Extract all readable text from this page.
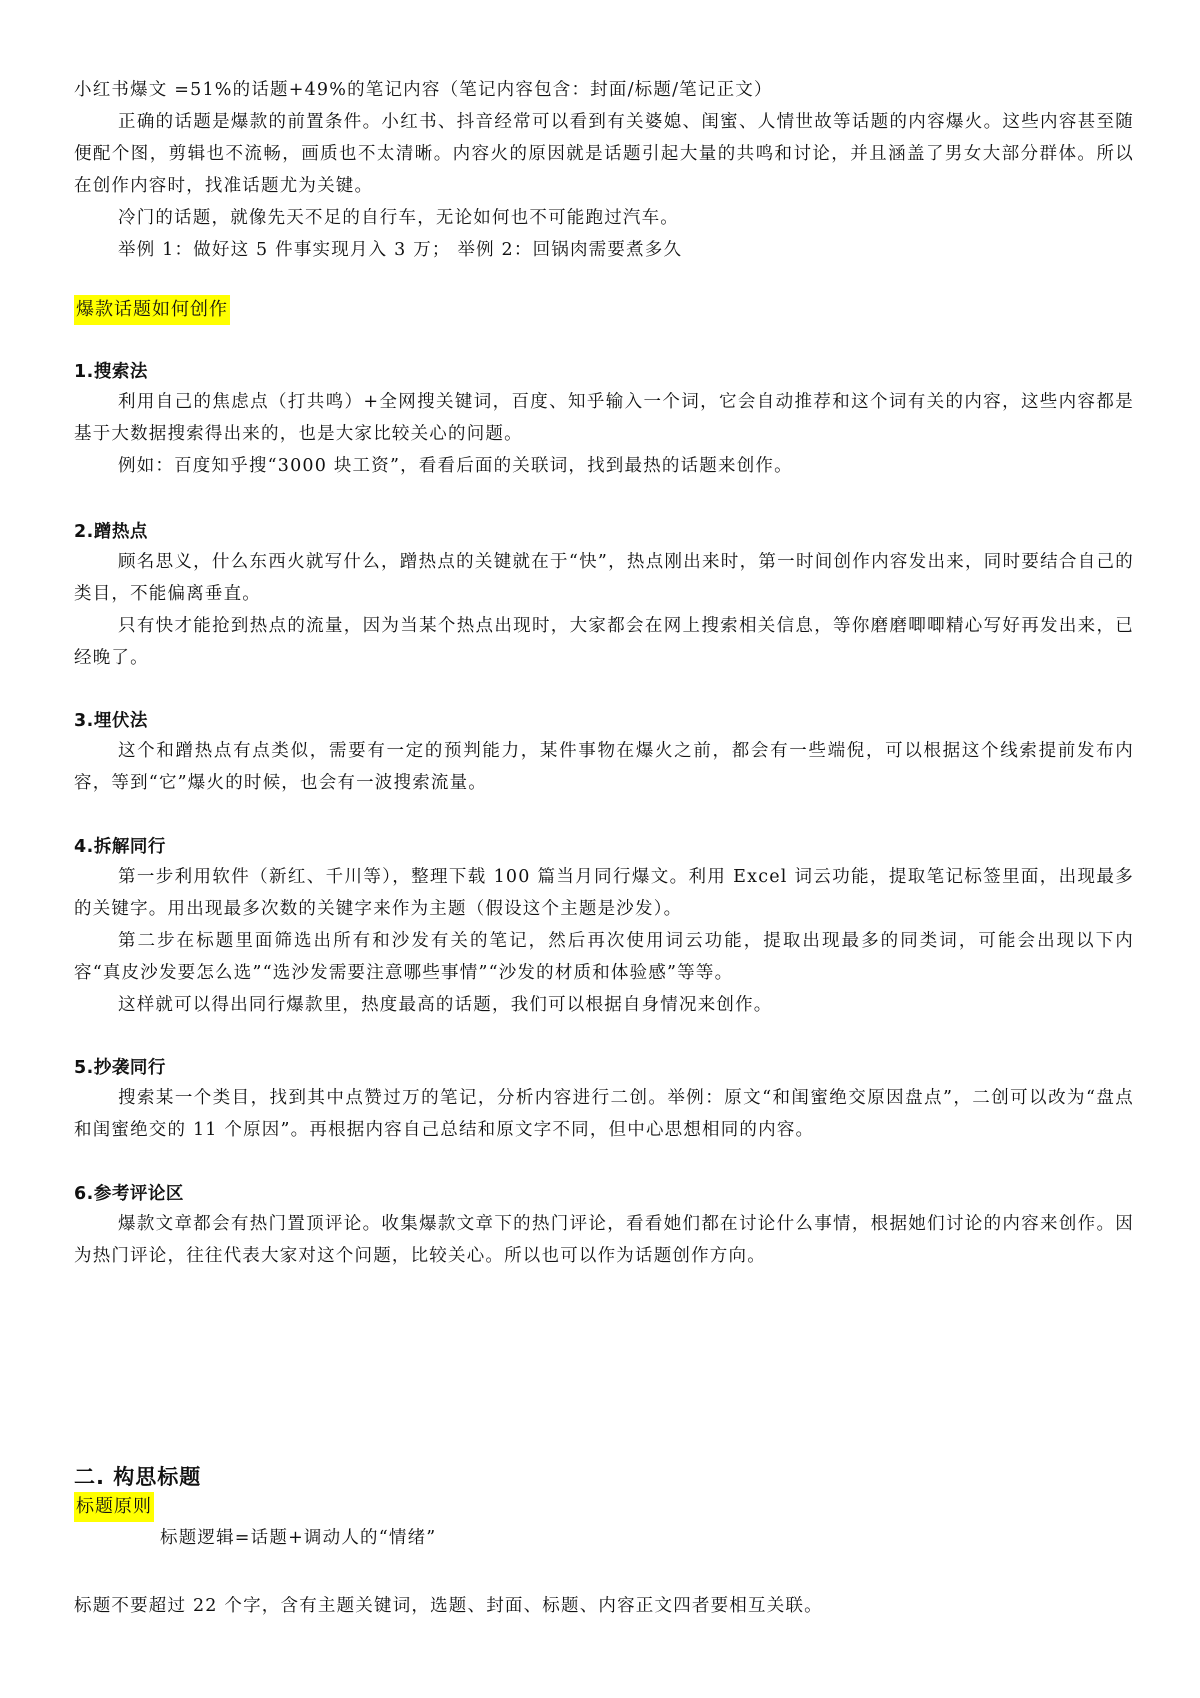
小红书爆文 =51%的话题+49%的笔记内容（笔记内容包含：封面/标题/笔记正文）

正确的话题是爆款的前置条件。小红书、抖音经常可以看到有关婆媳、闺蜜、人情世故等话题的内容爆火。这些内容甚至随便配个图，剪辑也不流畅，画质也不太清晰。内容火的原因就是话题引起大量的共鸣和讨论，并且涵盖了男女大部分群体。所以在创作内容时，找准话题尤为关键。

冷门的话题，就像先天不足的自行车，无论如何也不可能跑过汽车。

举例 1：做好这 5 件事实现月入 3 万； 举例 2：回锅肉需要煮多久

爆款话题如何创作

1.搜索法

利用自己的焦虑点（打共鸣）+全网搜关键词，百度、知乎输入一个词，它会自动推荐和这个词有关的内容，这些内容都是基于大数据搜索得出来的，也是大家比较关心的问题。

例如：百度知乎搜“3000 块工资”，看看后面的关联词，找到最热的话题来创作。

2.蹭热点

顾名思义，什么东西火就写什么，蹭热点的关键就在于“快”，热点刚出来时，第一时间创作内容发出来，同时要结合自己的类目，不能偏离垂直。

只有快才能抢到热点的流量，因为当某个热点出现时，大家都会在网上搜索相关信息，等你磨磨唧唧精心写好再发出来，已经晚了。

3.埋伏法

这个和蹭热点有点类似，需要有一定的预判能力，某件事物在爆火之前，都会有一些端倪，可以根据这个线索提前发布内容，等到“它”爆火的时候，也会有一波搜索流量。

4.拆解同行

第一步利用软件（新红、千川等），整理下载 100 篇当月同行爆文。利用 Excel 词云功能，提取笔记标签里面，出现最多的关键字。用出现最多次数的关键字来作为主题（假设这个主题是沙发）。

第二步在标题里面筛选出所有和沙发有关的笔记，然后再次使用词云功能，提取出现最多的同类词，可能会出现以下内容“真皮沙发要怎么选”“选沙发需要注意哪些事情”“沙发的材质和体验感”等等。

这样就可以得出同行爆款里，热度最高的话题，我们可以根据自身情况来创作。

5.抄袭同行

搜索某一个类目，找到其中点赞过万的笔记，分析内容进行二创。举例：原文“和闺蜜绝交原因盘点”，二创可以改为“盘点和闺蜜绝交的 11 个原因”。再根据内容自己总结和原文字不同，但中心思想相同的内容。

6.参考评论区

爆款文章都会有热门置顶评论。收集爆款文章下的热门评论，看看她们都在讨论什么事情，根据她们讨论的内容来创作。因为热门评论，往往代表大家对这个问题，比较关心。所以也可以作为话题创作方向。

二. 构思标题

标题原则

标题逻辑=话题+调动人的“情绪”

标题不要超过 22 个字，含有主题关键词，选题、封面、标题、内容正文四者要相互关联。
